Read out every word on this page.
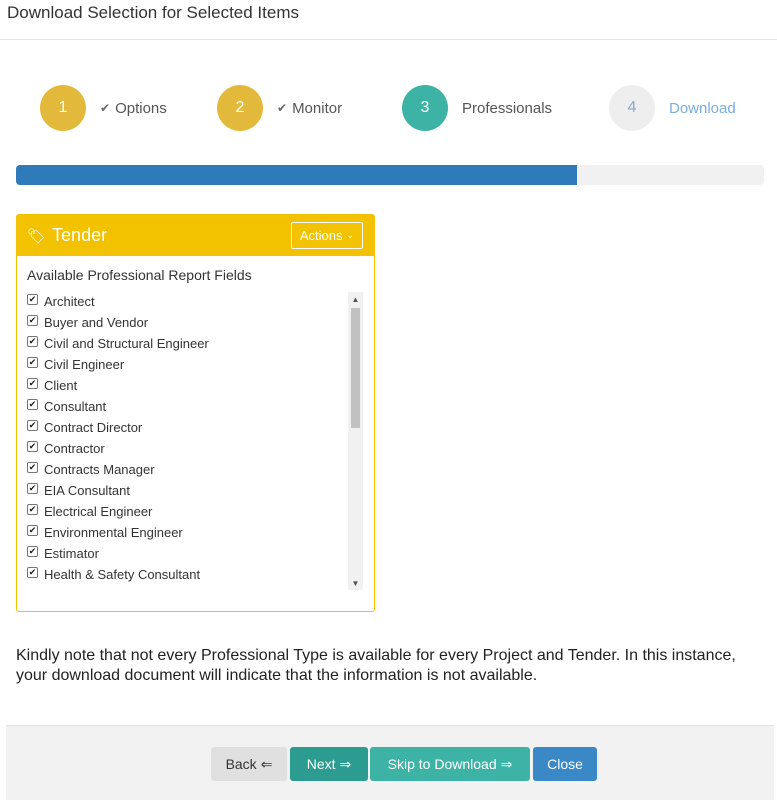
Download Selection for Selected Items
1	✔ Options	2	✔ Monitor	3	Professionals	4	Download
🏷 Tender	Actions ⌄
Available Professional Report Fields
✔ Architect
✔ Buyer and Vendor
✔ Civil and Structural Engineer
✔ Civil Engineer
✔ Client
✔ Consultant
✔ Contract Director
✔ Contractor
✔ Contracts Manager
✔ EIA Consultant
✔ Electrical Engineer
✔ Environmental Engineer
✔ Estimator
✔ Health & Safety Consultant
▲
▼
Kindly note that not every Professional Type is available for every Project and Tender. In this instance, your download document will indicate that the information is not available.
Back ⇐ Next ⇒	Skip to Download ⇒ Close
